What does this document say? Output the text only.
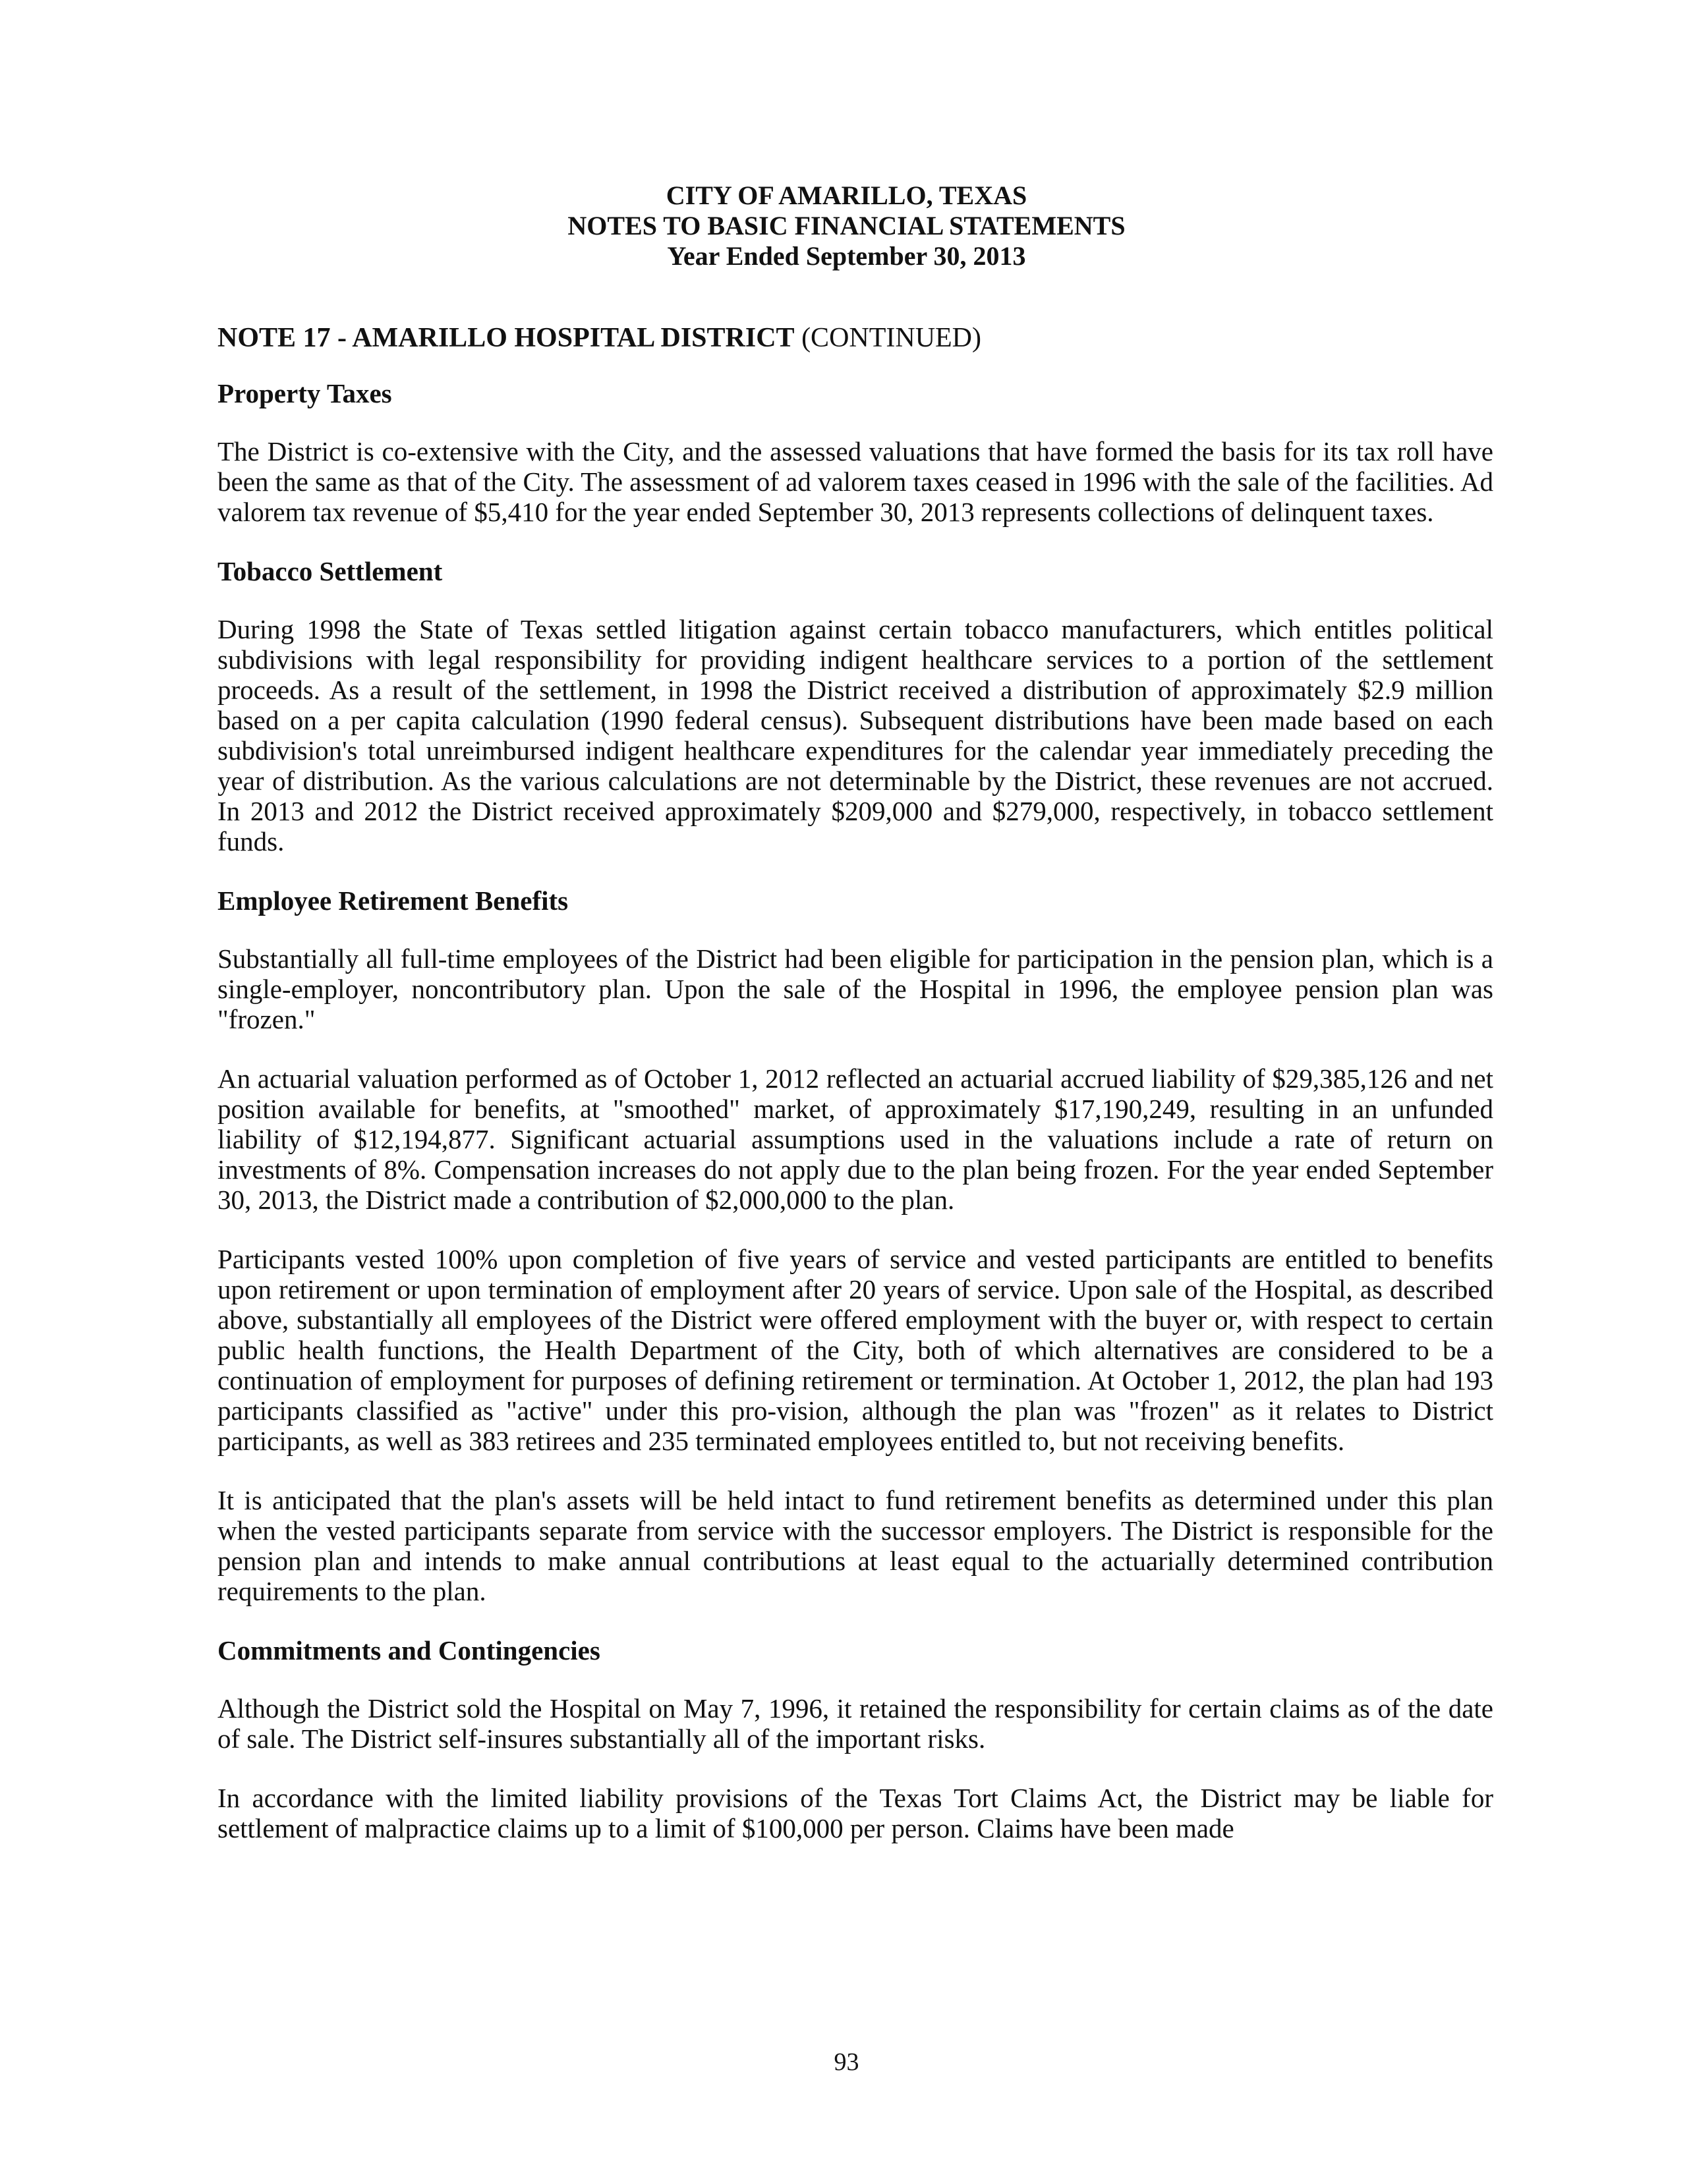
CITY OF AMARILLO, TEXAS
NOTES TO BASIC FINANCIAL STATEMENTS
Year Ended September 30, 2013
NOTE 17 - AMARILLO HOSPITAL DISTRICT (CONTINUED)
Property Taxes

The District is co-extensive with the City, and the assessed valuations that have formed the basis for its tax roll have been the same as that of the City. The assessment of ad valorem taxes ceased in 1996 with the sale of the facilities. Ad valorem tax revenue of $5,410 for the year ended September 30, 2013 represents collections of delinquent taxes.

Tobacco Settlement

During 1998 the State of Texas settled litigation against certain tobacco manufacturers, which entitles political subdivisions with legal responsibility for providing indigent healthcare services to a portion of the settlement proceeds. As a result of the settlement, in 1998 the District received a distribution of approximately $2.9 million based on a per capita calculation (1990 federal census). Subsequent distributions have been made based on each subdivision's total unreimbursed indigent healthcare expenditures for the calendar year immediately preceding the year of distribution. As the various calculations are not determinable by the District, these revenues are not accrued. In 2013 and 2012 the District received approximately $209,000 and $279,000, respectively, in tobacco settlement funds.

Employee Retirement Benefits

Substantially all full-time employees of the District had been eligible for participation in the pension plan, which is a single-employer, noncontributory plan. Upon the sale of the Hospital in 1996, the employee pension plan was "frozen."

An actuarial valuation performed as of October 1, 2012 reflected an actuarial accrued liability of $29,385,126 and net position available for benefits, at "smoothed" market, of approximately $17,190,249, resulting in an unfunded liability of $12,194,877. Significant actuarial assumptions used in the valuations include a rate of return on investments of 8%. Compensation increases do not apply due to the plan being frozen. For the year ended September 30, 2013, the District made a contribution of $2,000,000 to the plan.

Participants vested 100% upon completion of five years of service and vested participants are entitled to benefits upon retirement or upon termination of employment after 20 years of service. Upon sale of the Hospital, as described above, substantially all employees of the District were offered employment with the buyer or, with respect to certain public health functions, the Health Department of the City, both of which alternatives are considered to be a continuation of employment for purposes of defining retirement or termination. At October 1, 2012, the plan had 193 participants classified as "active" under this pro-vision, although the plan was "frozen" as it relates to District participants, as well as 383 retirees and 235 terminated employees entitled to, but not receiving benefits.

It is anticipated that the plan's assets will be held intact to fund retirement benefits as determined under this plan when the vested participants separate from service with the successor employers. The District is responsible for the pension plan and intends to make annual contributions at least equal to the actuarially determined contribution requirements to the plan.

Commitments and Contingencies

Although the District sold the Hospital on May 7, 1996, it retained the responsibility for certain claims as of the date of sale. The District self-insures substantially all of the important risks.

In accordance with the limited liability provisions of the Texas Tort Claims Act, the District may be liable for settlement of malpractice claims up to a limit of $100,000 per person. Claims have been made

93
